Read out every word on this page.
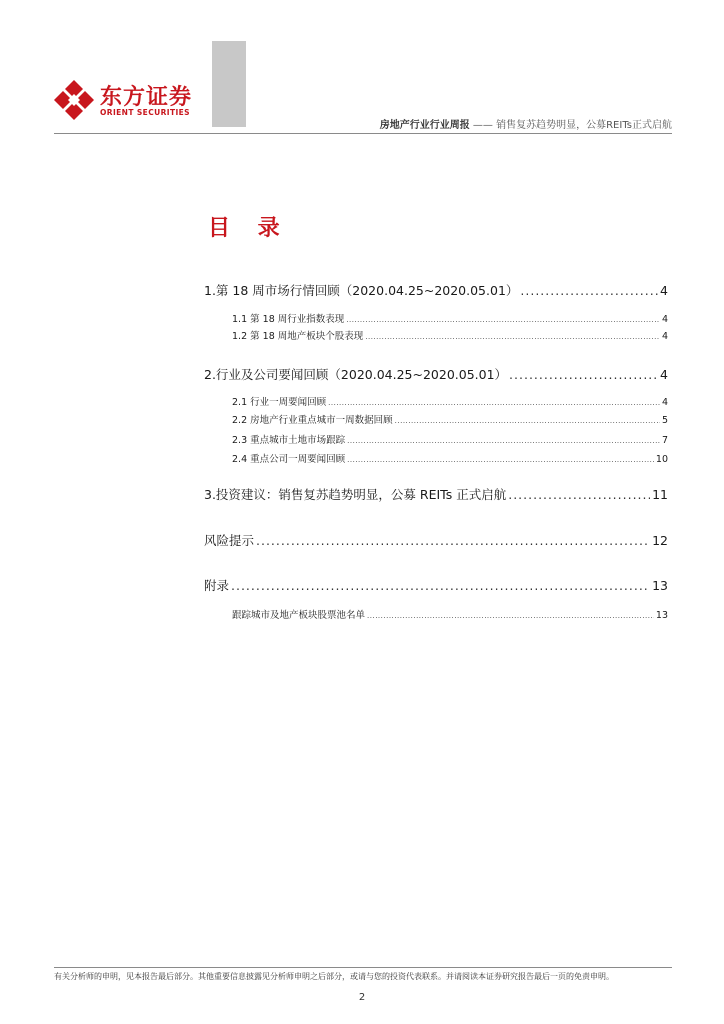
东方证券
ORIENT SECURITIES
房地产行业行业周报 —— 销售复苏趋势明显，公募REITs正式启航
目 录
1.第 18 周市场行情回顾（2020.04.25~2020.05.01） .....	4
1.1 第 18 周行业指数表现 .....	4
1.2 第 18 周地产板块个股表现 .....	4
2.行业及公司要闻回顾（2020.04.25~2020.05.01） .....	4
2.1 行业一周要闻回顾 .....	4
2.2 房地产行业重点城市一周数据回顾 .....	5
2.3 重点城市土地市场跟踪 .....	7
2.4 重点公司一周要闻回顾 .....	10
3.投资建议：销售复苏趋势明显，公募 REITs 正式启航 .....	11
风险提示 .....	12
附录 .....	13
跟踪城市及地产板块股票池名单 .....	13
有关分析师的申明，见本报告最后部分。其他重要信息披露见分析师申明之后部分，或请与您的投资代表联系。并请阅读本证券研究报告最后一页的免责申明。
2
